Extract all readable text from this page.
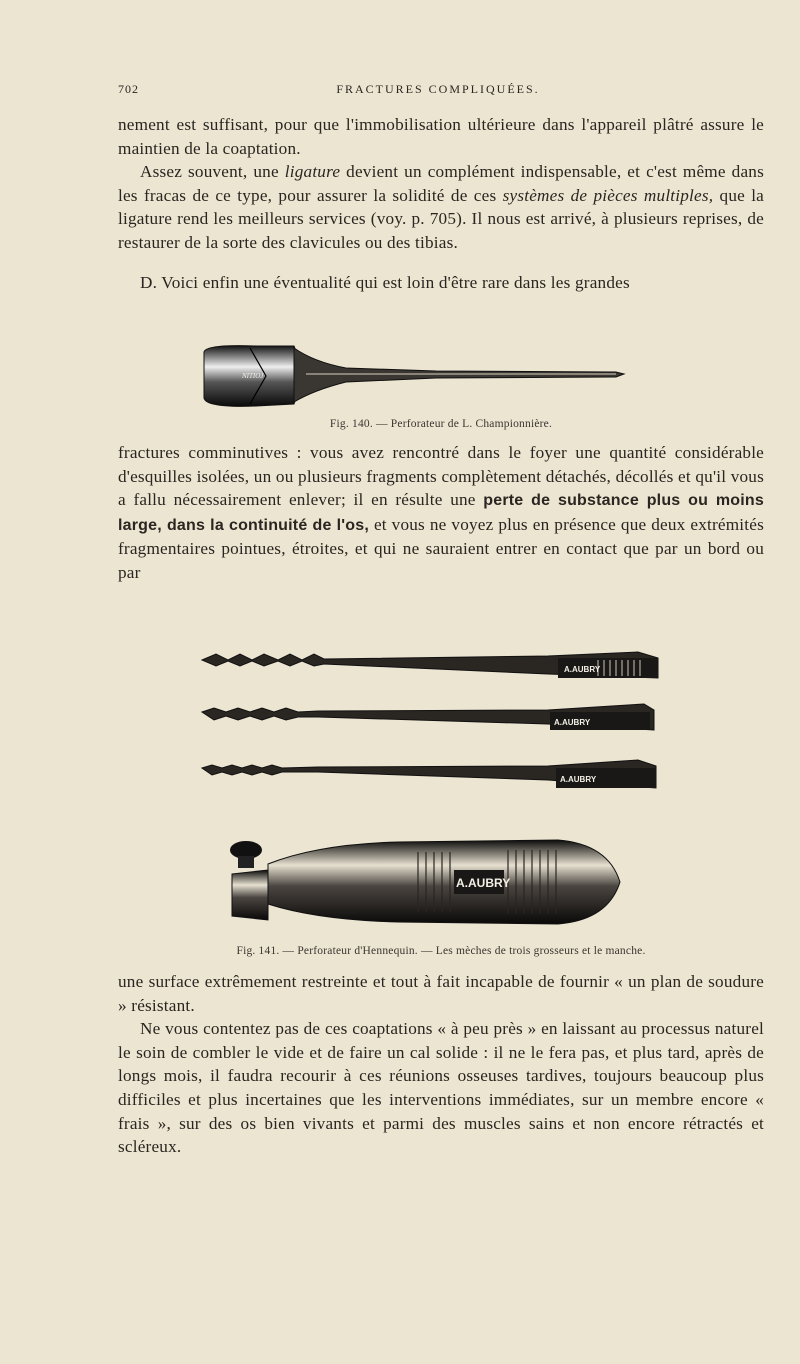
702	FRACTURES COMPLIQUÉES.

nement est suffisant, pour que l'immobilisation ultérieure dans l'appareil plâtré assure le maintien de la coaptation.

Assez souvent, une ligature devient un complément indispensable, et c'est même dans les fracas de ce type, pour assurer la solidité de ces systèmes de pièces multiples, que la ligature rend les meilleurs services (voy. p. 705). Il nous est arrivé, à plusieurs reprises, de restaurer de la sorte des clavicules ou des tibias.

D. Voici enfin une éventualité qui est loin d'être rare dans les grandes

NITIOJ
Fig. 140. — Perforateur de L. Championnière.

fractures comminutives : vous avez rencontré dans le foyer une quantité considérable d'esquilles isolées, un ou plusieurs fragments complètement détachés, décollés et qu'il vous a fallu nécessairement enlever; il en résulte une perte de substance plus ou moins large, dans la continuité de l'os, et vous ne voyez plus en présence que deux extrémités fragmentaires pointues, étroites, et qui ne sauraient entrer en contact que par un bord ou par

A.AUBRY
A.AUBRY
A.AUBRY
A.AUBRY
Fig. 141. — Perforateur d'Hennequin. — Les mèches de trois grosseurs et le manche.

une surface extrêmement restreinte et tout à fait incapable de fournir « un plan de soudure » résistant.

Ne vous contentez pas de ces coaptations « à peu près » en laissant au processus naturel le soin de combler le vide et de faire un cal solide : il ne le fera pas, et plus tard, après de longs mois, il faudra recourir à ces réunions osseuses tardives, toujours beaucoup plus difficiles et plus incertaines que les interventions immédiates, sur un membre encore « frais », sur des os bien vivants et parmi des muscles sains et non encore rétractés et scléreux.
